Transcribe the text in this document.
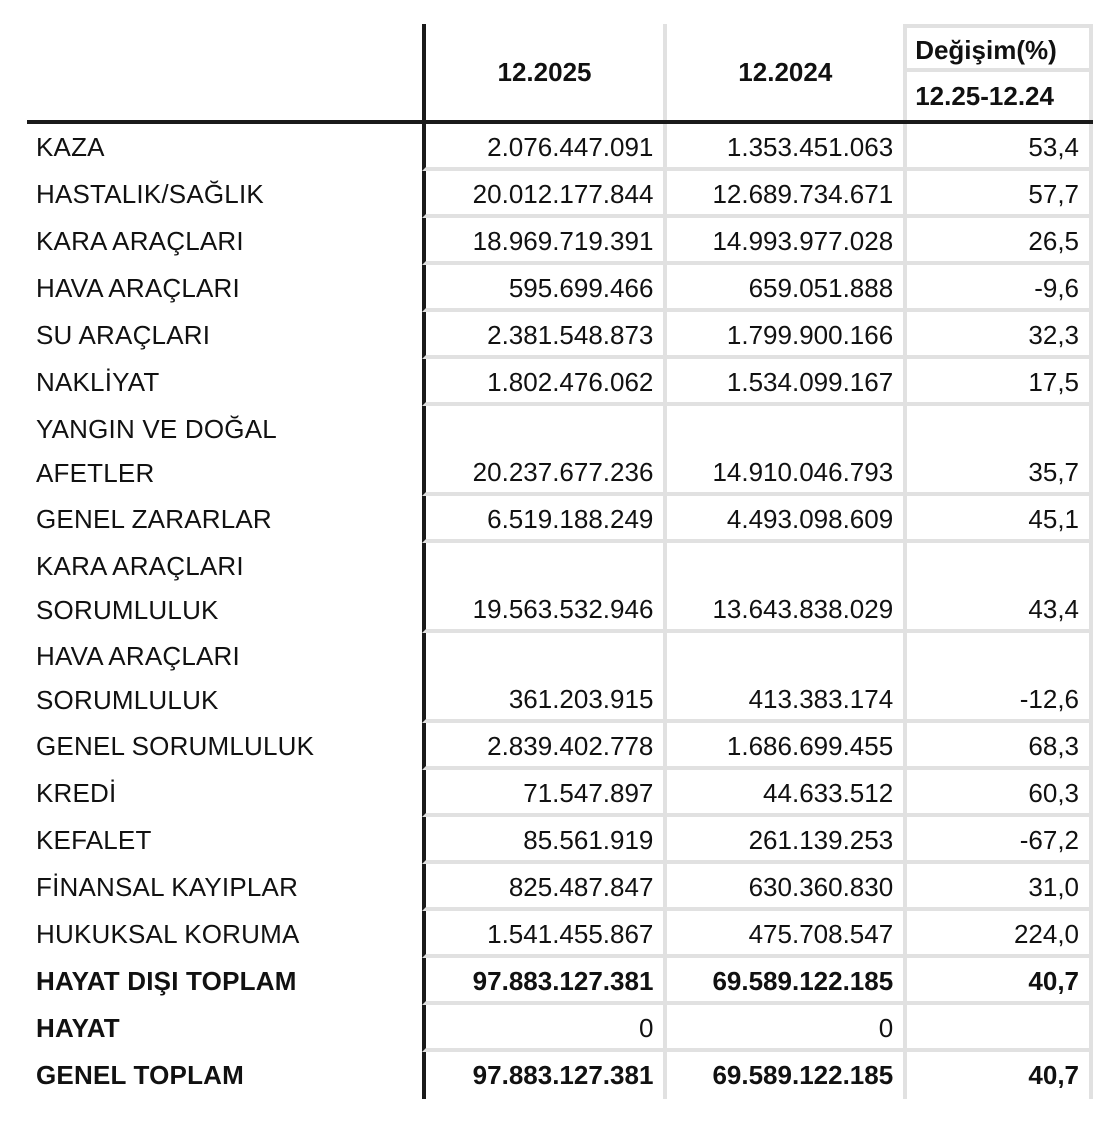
12.2025	12.2024
Değişim(%)
12.25-12.24
KAZA	2.076.447.091	1.353.451.063	53,4
HASTALIK/SAĞLIK	20.012.177.844	12.689.734.671	57,7
KARA ARAÇLARI	18.969.719.391	14.993.977.028	26,5
HAVA ARAÇLARI	595.699.466	659.051.888	-9,6
SU ARAÇLARI	2.381.548.873	1.799.900.166	32,3
NAKLİYAT	1.802.476.062	1.534.099.167	17,5
YANGIN VE DOĞAL
AFETLER	20.237.677.236	14.910.046.793	35,7
GENEL ZARARLAR	6.519.188.249	4.493.098.609	45,1
KARA ARAÇLARI
SORUMLULUK	19.563.532.946	13.643.838.029	43,4
HAVA ARAÇLARI
SORUMLULUK	361.203.915	413.383.174	-12,6
GENEL SORUMLULUK	2.839.402.778	1.686.699.455	68,3
KREDİ	71.547.897	44.633.512	60,3
KEFALET	85.561.919	261.139.253	-67,2
FİNANSAL KAYIPLAR	825.487.847	630.360.830	31,0
HUKUKSAL KORUMA	1.541.455.867	475.708.547	224,0
HAYAT DIŞI TOPLAM	97.883.127.381	69.589.122.185	40,7
HAYAT	0	0
GENEL TOPLAM	97.883.127.381	69.589.122.185	40,7
